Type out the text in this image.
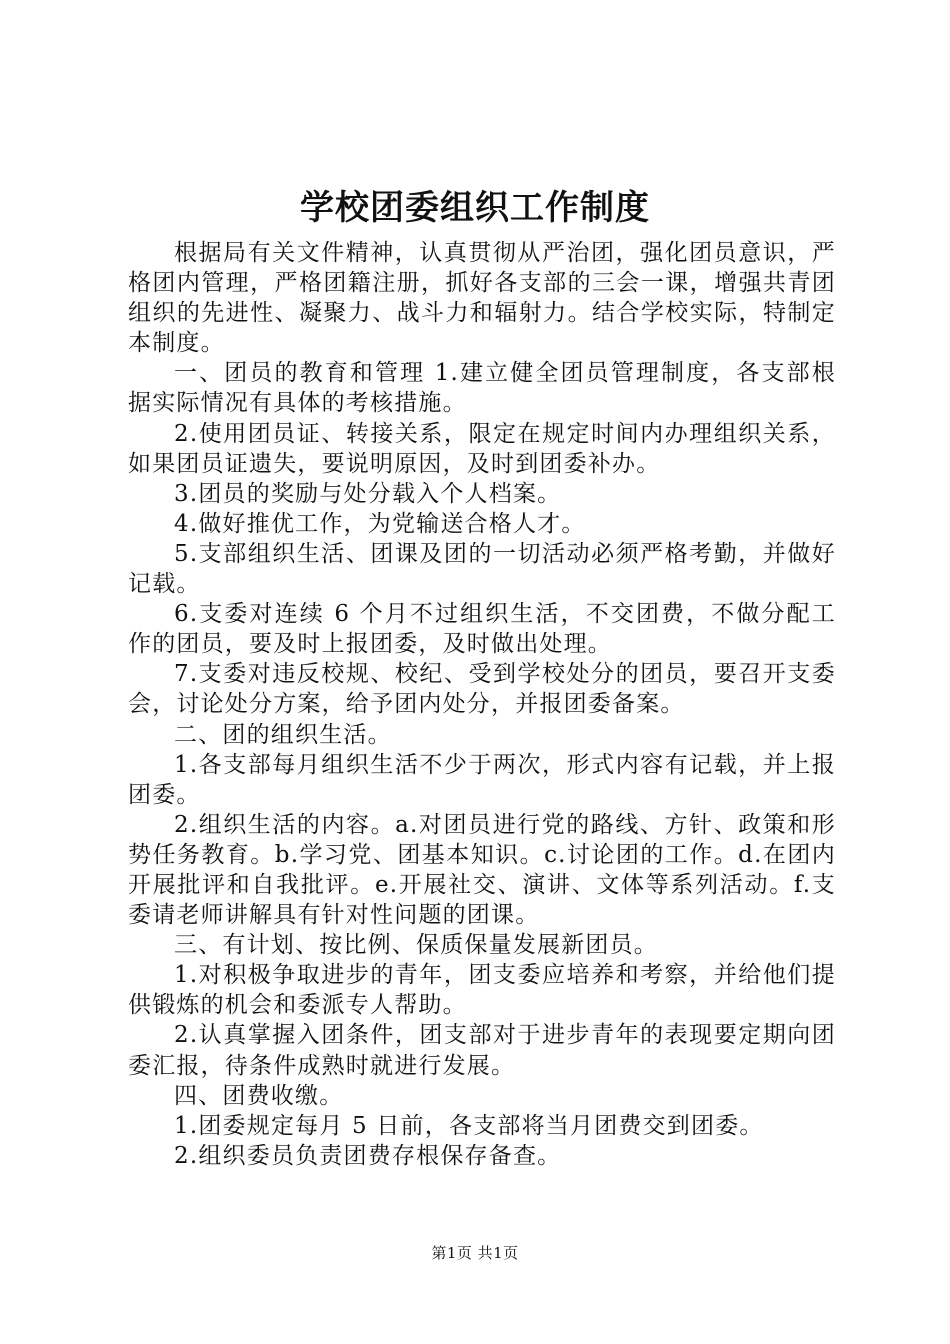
学校团委组织工作制度

根据局有关文件精神，认真贯彻从严治团，强化团员意识，严格团内管理，严格团籍注册，抓好各支部的三会一课，增强共青团组织的先进性、凝聚力、战斗力和辐射力。结合学校实际，特制定本制度。

一、团员的教育和管理 1.建立健全团员管理制度，各支部根据实际情况有具体的考核措施。

2.使用团员证、转接关系，限定在规定时间内办理组织关系，如果团员证遗失，要说明原因，及时到团委补办。

3.团员的奖励与处分载入个人档案。

4.做好推优工作，为党输送合格人才。

5.支部组织生活、团课及团的一切活动必须严格考勤，并做好记载。

6.支委对连续 6 个月不过组织生活，不交团费，不做分配工作的团员，要及时上报团委，及时做出处理。

7.支委对违反校规、校纪、受到学校处分的团员，要召开支委会，讨论处分方案，给予团内处分，并报团委备案。

二、团的组织生活。

1.各支部每月组织生活不少于两次，形式内容有记载，并上报团委。

2.组织生活的内容。a.对团员进行党的路线、方针、政策和形势任务教育。b.学习党、团基本知识。c.讨论团的工作。d.在团内开展批评和自我批评。e.开展社交、演讲、文体等系列活动。f.支委请老师讲解具有针对性问题的团课。

三、有计划、按比例、保质保量发展新团员。

1.对积极争取进步的青年，团支委应培养和考察，并给他们提供锻炼的机会和委派专人帮助。

2.认真掌握入团条件，团支部对于进步青年的表现要定期向团委汇报，待条件成熟时就进行发展。

四、团费收缴。

1.团委规定每月 5 日前，各支部将当月团费交到团委。

2.组织委员负责团费存根保存备查。

第1页 共1页
